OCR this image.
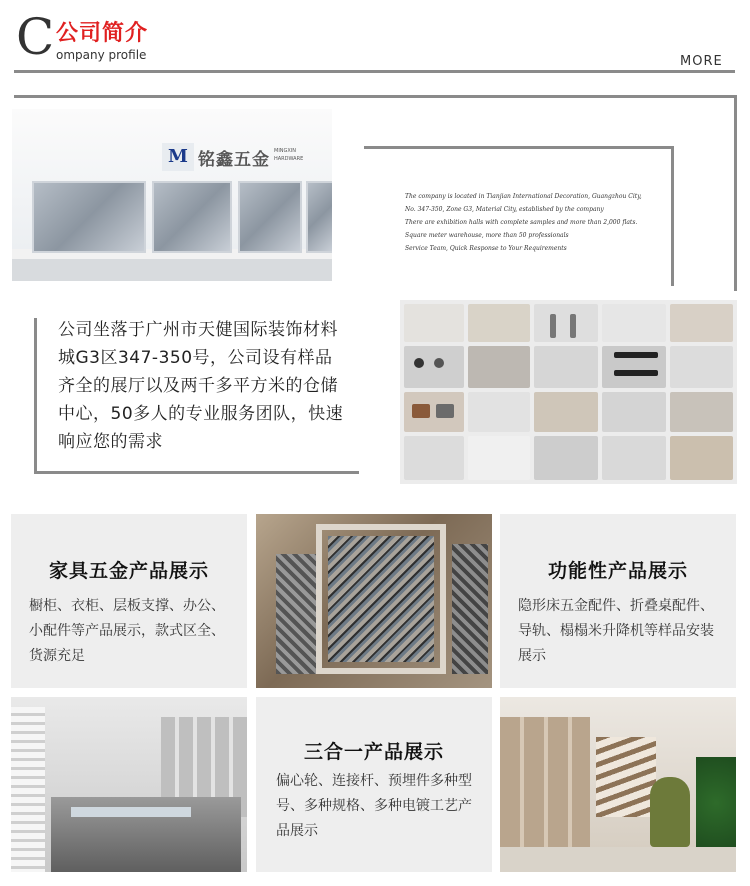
C 公司简介
ompany profile	MORE
M 铭鑫五金 MINGXIN HARDWARE
The company is located in Tianjian International Decoration, Guangzhou City,
No. 347-350, Zone G3, Material City, established by the company
There are exhibition halls with complete samples and more than 2,000 flats.
Square meter warehouse, more than 50 professionals
Service Team, Quick Response to Your Requirements
公司坐落于广州市天健国际装饰材料城G3区347-350号，公司设有样品齐全的展厅以及两千多平方米的仓储中心，50多人的专业服务团队，快速响应您的需求
家具五金产品展示
橱柜、衣柜、层板支撑、办公、小配件等产品展示，款式区全、货源充足
功能性产品展示
隐形床五金配件、折叠桌配件、导轨、榻榻米升降机等样品安装展示
三合一产品展示
偏心轮、连接杆、预埋件多种型号、多种规格、多种电镀工艺产品展示
